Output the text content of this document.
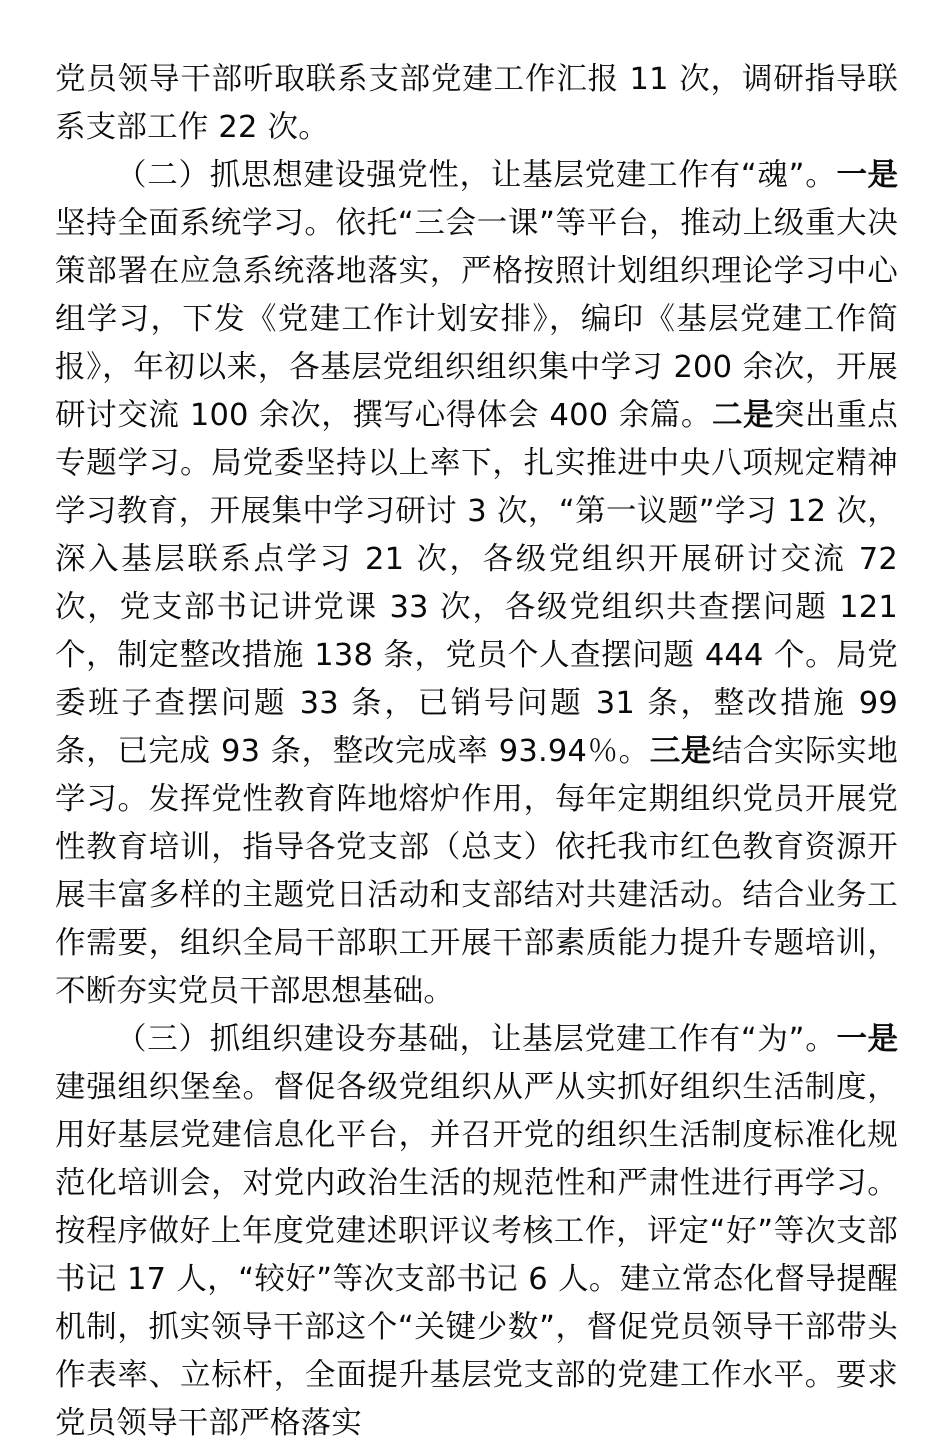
党员领导干部听取联系支部党建工作汇报 11 次，调研指导联系支部工作 22 次。

（二）抓思想建设强党性，让基层党建工作有“魂”。一是坚持全面系统学习。依托“三会一课”等平台，推动上级重大决策部署在应急系统落地落实，严格按照计划组织理论学习中心组学习，下发《党建工作计划安排》，编印《基层党建工作简报》，年初以来，各基层党组织组织集中学习 200 余次，开展研讨交流 100 余次，撰写心得体会 400 余篇。二是突出重点专题学习。局党委坚持以上率下，扎实推进中央八项规定精神学习教育，开展集中学习研讨 3 次，“第一议题”学习 12 次，深入基层联系点学习 21 次，各级党组织开展研讨交流 72 次，党支部书记讲党课 33 次，各级党组织共查摆问题 121 个，制定整改措施 138 条，党员个人查摆问题 444 个。局党委班子查摆问题 33 条，已销号问题 31 条，整改措施 99 条，已完成 93 条，整改完成率 93.94％。三是结合实际实地学习。发挥党性教育阵地熔炉作用，每年定期组织党员开展党性教育培训，指导各党支部（总支）依托我市红色教育资源开展丰富多样的主题党日活动和支部结对共建活动。结合业务工作需要，组织全局干部职工开展干部素质能力提升专题培训，不断夯实党员干部思想基础。

（三）抓组织建设夯基础，让基层党建工作有“为”。一是建强组织堡垒。督促各级党组织从严从实抓好组织生活制度，用好基层党建信息化平台，并召开党的组织生活制度标准化规范化培训会，对党内政治生活的规范性和严肃性进行再学习。按程序做好上年度党建述职评议考核工作，评定“好”等次支部书记 17 人，“较好”等次支部书记 6 人。建立常态化督导提醒机制，抓实领导干部这个“关键少数”，督促党员领导干部带头作表率、立标杆，全面提升基层党支部的党建工作水平。要求党员领导干部严格落实
